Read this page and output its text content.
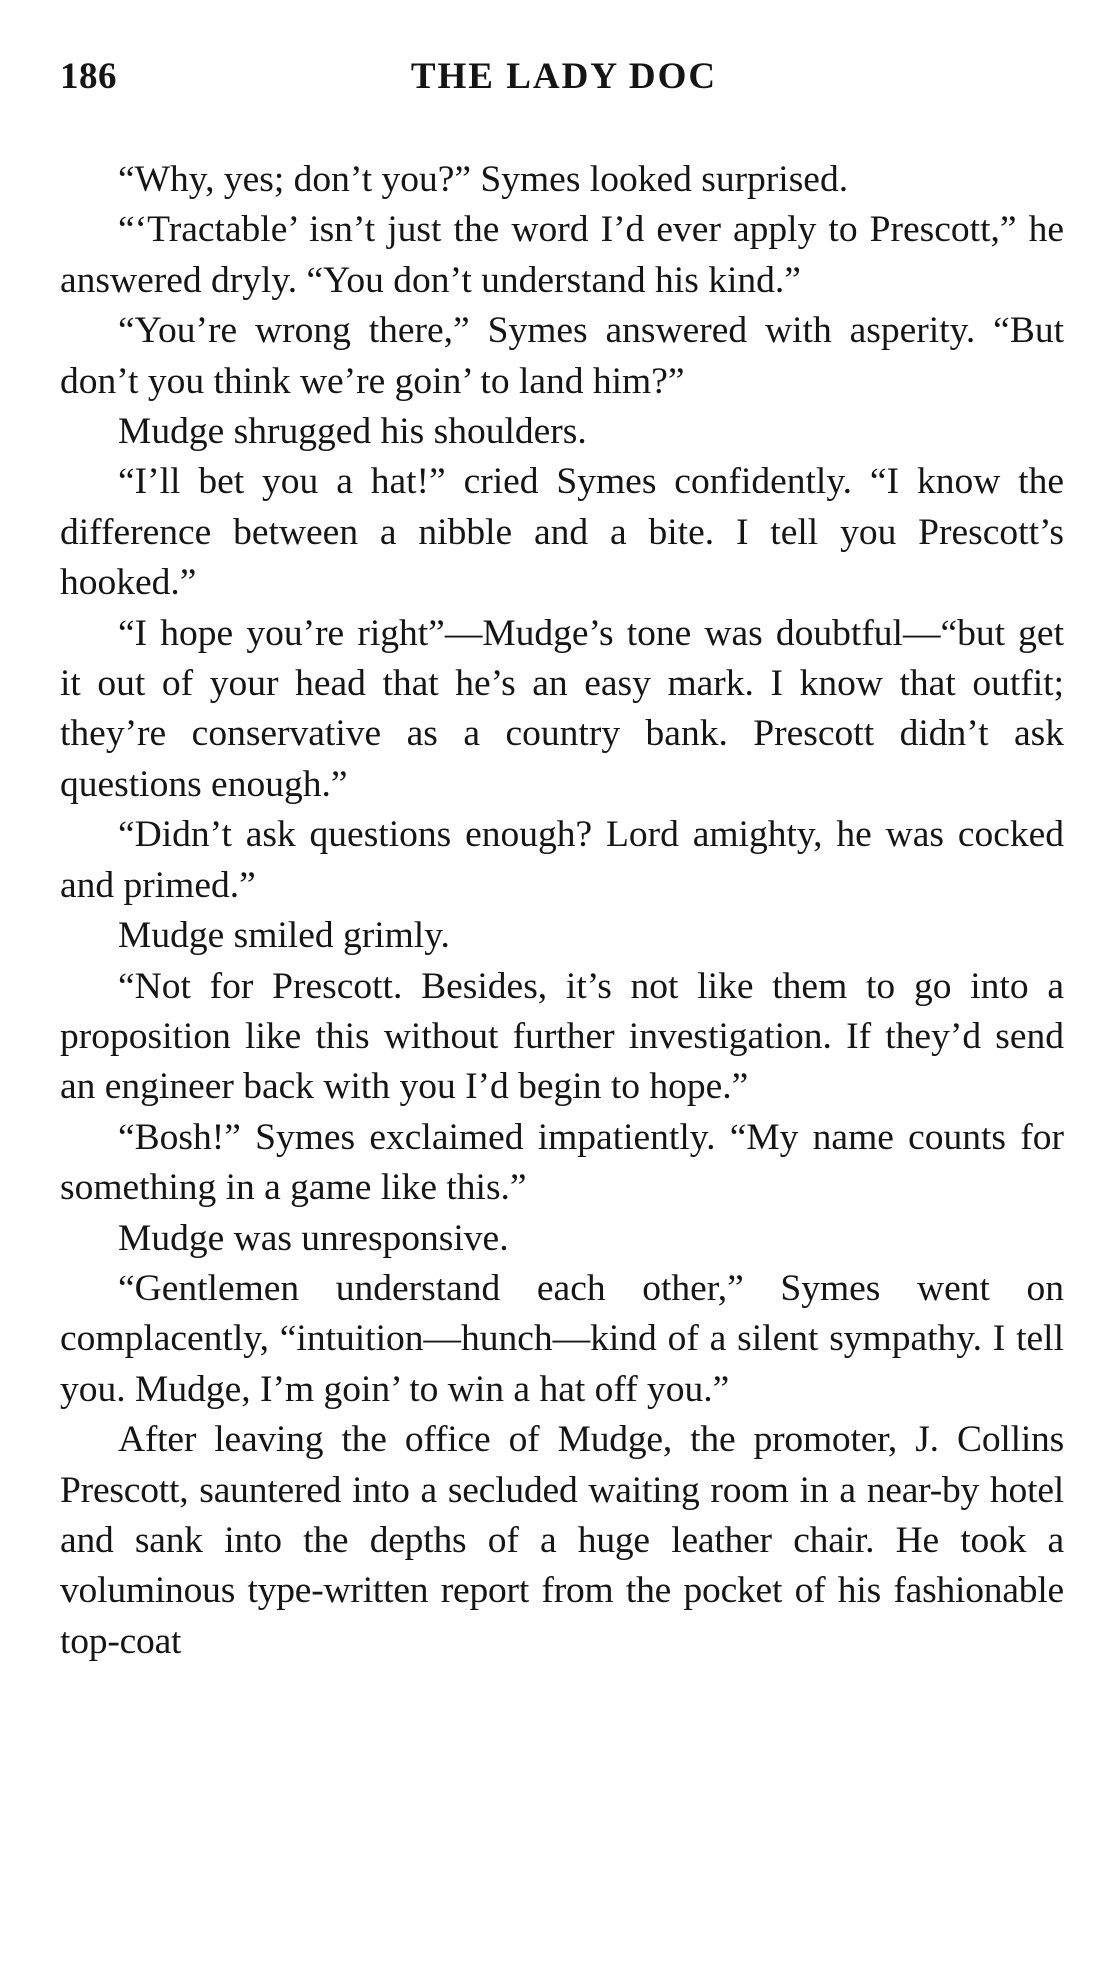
186	THE LADY DOC

“Why, yes; don’t you?” Symes looked surprised.

“‘Tractable’ isn’t just the word I’d ever apply to Prescott,” he answered dryly. “You don’t understand his kind.”

“You’re wrong there,” Symes answered with asperity. “But don’t you think we’re goin’ to land him?”

Mudge shrugged his shoulders.

“I’ll bet you a hat!” cried Symes confidently. “I know the difference between a nibble and a bite. I tell you Prescott’s hooked.”

“I hope you’re right”—Mudge’s tone was doubtful—“but get it out of your head that he’s an easy mark. I know that outfit; they’re conservative as a country bank. Prescott didn’t ask questions enough.”

“Didn’t ask questions enough? Lord amighty, he was cocked and primed.”

Mudge smiled grimly.

“Not for Prescott. Besides, it’s not like them to go into a proposition like this without further investigation. If they’d send an engineer back with you I’d begin to hope.”

“Bosh!” Symes exclaimed impatiently. “My name counts for something in a game like this.”

Mudge was unresponsive.

“Gentlemen understand each other,” Symes went on complacently, “intuition—hunch—kind of a silent sympathy. I tell you. Mudge, I’m goin’ to win a hat off you.”

After leaving the office of Mudge, the promoter, J. Collins Prescott, sauntered into a secluded waiting room in a near-by hotel and sank into the depths of a huge leather chair. He took a voluminous type-written report from the pocket of his fashionable top-coat
